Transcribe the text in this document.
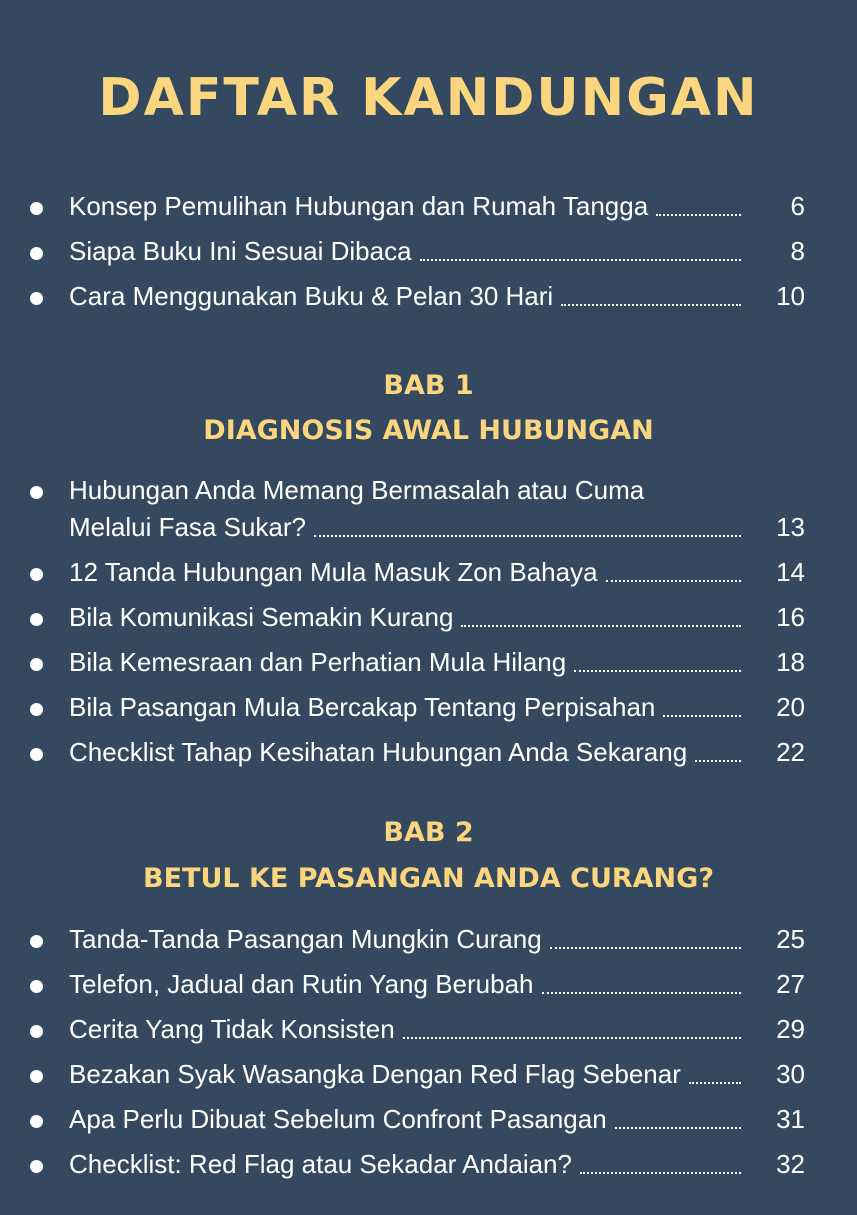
DAFTAR KANDUNGAN
Konsep Pemulihan Hubungan dan Rumah Tangga	6
Siapa Buku Ini Sesuai Dibaca	8
Cara Menggunakan Buku & Pelan 30 Hari	10
BAB 1
DIAGNOSIS AWAL HUBUNGAN
Hubungan Anda Memang Bermasalah atau Cuma
Melalui Fasa Sukar?	13
12 Tanda Hubungan Mula Masuk Zon Bahaya	14
Bila Komunikasi Semakin Kurang	16
Bila Kemesraan dan Perhatian Mula Hilang	18
Bila Pasangan Mula Bercakap Tentang Perpisahan	20
Checklist Tahap Kesihatan Hubungan Anda Sekarang	22
BAB 2
BETUL KE PASANGAN ANDA CURANG?
Tanda-Tanda Pasangan Mungkin Curang	25
Telefon, Jadual dan Rutin Yang Berubah	27
Cerita Yang Tidak Konsisten	29
Bezakan Syak Wasangka Dengan Red Flag Sebenar	30
Apa Perlu Dibuat Sebelum Confront Pasangan	31
Checklist: Red Flag atau Sekadar Andaian?	32
